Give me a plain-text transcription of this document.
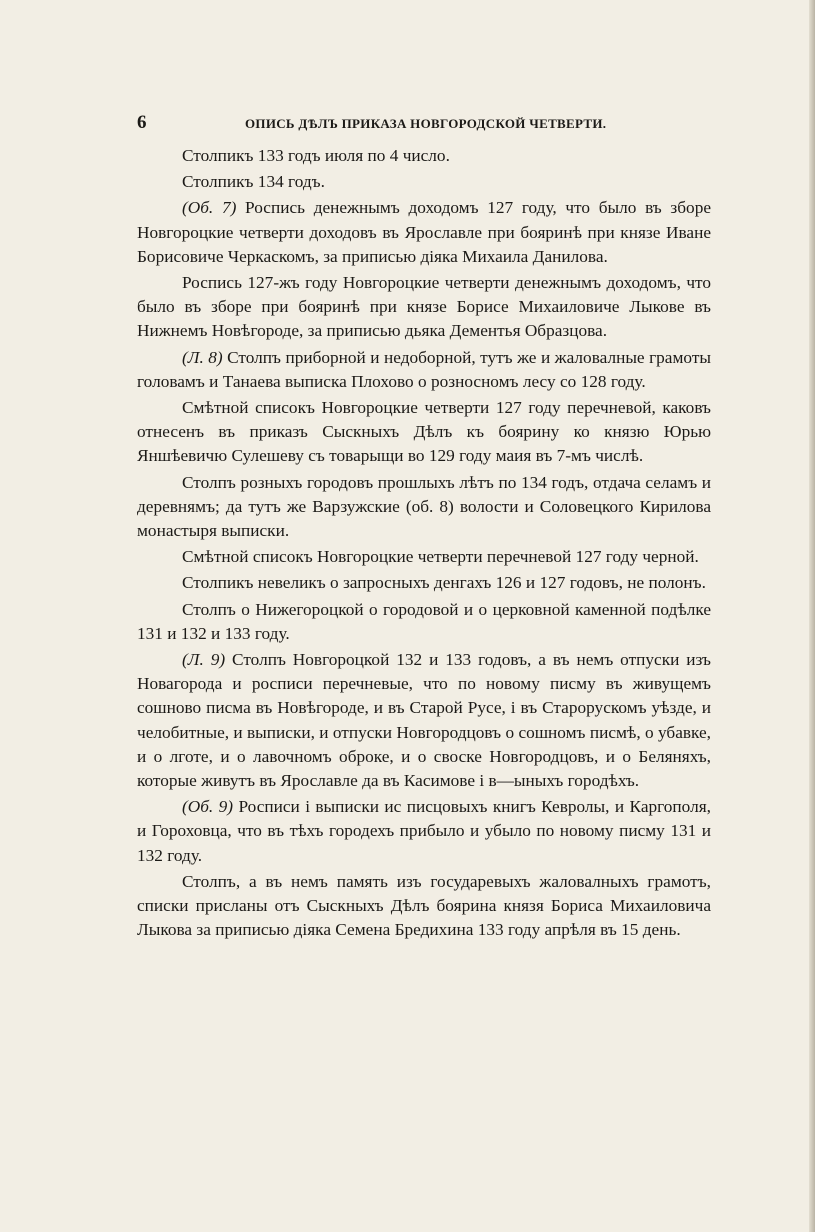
6	ОПИСЬ ДѢЛЪ ПРИКАЗА НОВГОРОДСКОЙ ЧЕТВЕРТИ.

Столпикъ 133 годъ июля по 4 число.

Столпикъ 134 годъ.

(Об. 7) Роспись денежнымъ доходомъ 127 году, что было въ зборе Новгороцкие четверти доходовъ въ Ярославле при бояринѣ при князе Иване Борисовиче Черкаскомъ, за приписью дiяка Михаила Данилова.

Роспись 127-жъ году Новгороцкие четверти денежнымъ доходомъ, что было въ зборе при бояринѣ при князе Борисе Михаиловиче Лыкове въ Нижнемъ Новѣгороде, за приписью дьяка Дементья Образцова.

(Л. 8) Столпъ приборной и недоборной, тутъ же и жаловалные грамоты головамъ и Танаева выписка Плохово о розносномъ лесу со 128 году.

Смѣтной списокъ Новгороцкие четверти 127 году перечневой, каковъ отнесенъ въ приказъ Сыскныхъ Дѣлъ къ боярину ко князю Юрью Яншѣевичю Сулешеву съ товарыщи во 129 году маия въ 7-мъ числѣ.

Столпъ розныхъ городовъ прошлыхъ лѣтъ по 134 годъ, отдача селамъ и деревнямъ; да тутъ же Варзужские (об. 8) волости и Соловецкого Кирилова монастыря выписки.

Смѣтной списокъ Новгороцкие четверти перечневой 127 году черной.

Столпикъ невеликъ о запросныхъ денгахъ 126 и 127 годовъ, не полонъ.

Столпъ о Нижегороцкой о городовой и о церковной каменной подѣлке 131 и 132 и 133 году.

(Л. 9) Столпъ Новгороцкой 132 и 133 годовъ, а въ немъ отпуски изъ Новагорода и росписи перечневые, что по новому писму въ живущемъ сошново писма въ Новѣгороде, и въ Старой Русе, i въ Старорускомъ уѣзде, и челобитные, и выписки, и отпуски Новгородцовъ о сошномъ писмѣ, о убавке, и о лготе, и о лавочномъ оброке, и о своске Новгородцовъ, и о Беляняхъ, которые живутъ въ Ярославле да въ Касимове i в—ыныхъ городѣхъ.

(Об. 9) Росписи i выписки ис писцовыхъ книгъ Кевролы, и Каргополя, и Гороховца, что въ тѣхъ городехъ прибыло и убыло по новому писму 131 и 132 году.

Столпъ, а въ немъ память изъ государевыхъ жаловалныхъ грамотъ, списки присланы отъ Сыскныхъ Дѣлъ боярина князя Бориса Михаиловича Лыкова за приписью дiяка Семена Бредихина 133 году апрѣля въ 15 день.
